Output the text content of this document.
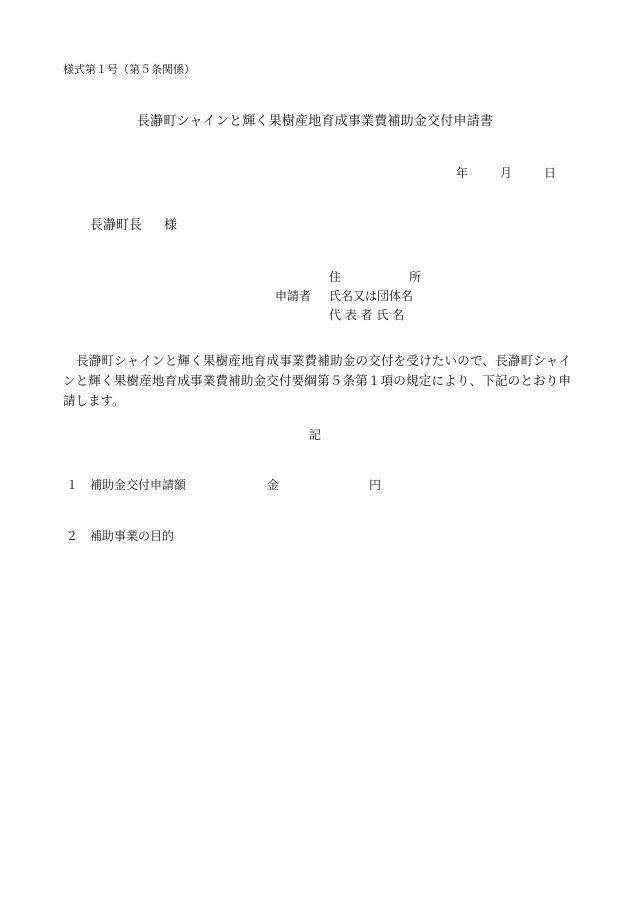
様式第１号（第５条関係）
長瀞町シャインと輝く果樹産地育成事業費補助金交付申請書
年	月	日
長瀞町長 様
申請者
住　　所
氏名又は団体名
代 表 者 氏 名
長瀞町シャインと輝く果樹産地育成事業費補助金の交付を受けたいので、長瀞町シャインと輝く果樹産地育成事業費補助金交付要綱第５条第１項の規定により、下記のとおり申請します。
記
１ 補助金交付申請額	金	円
２ 補助事業の目的
